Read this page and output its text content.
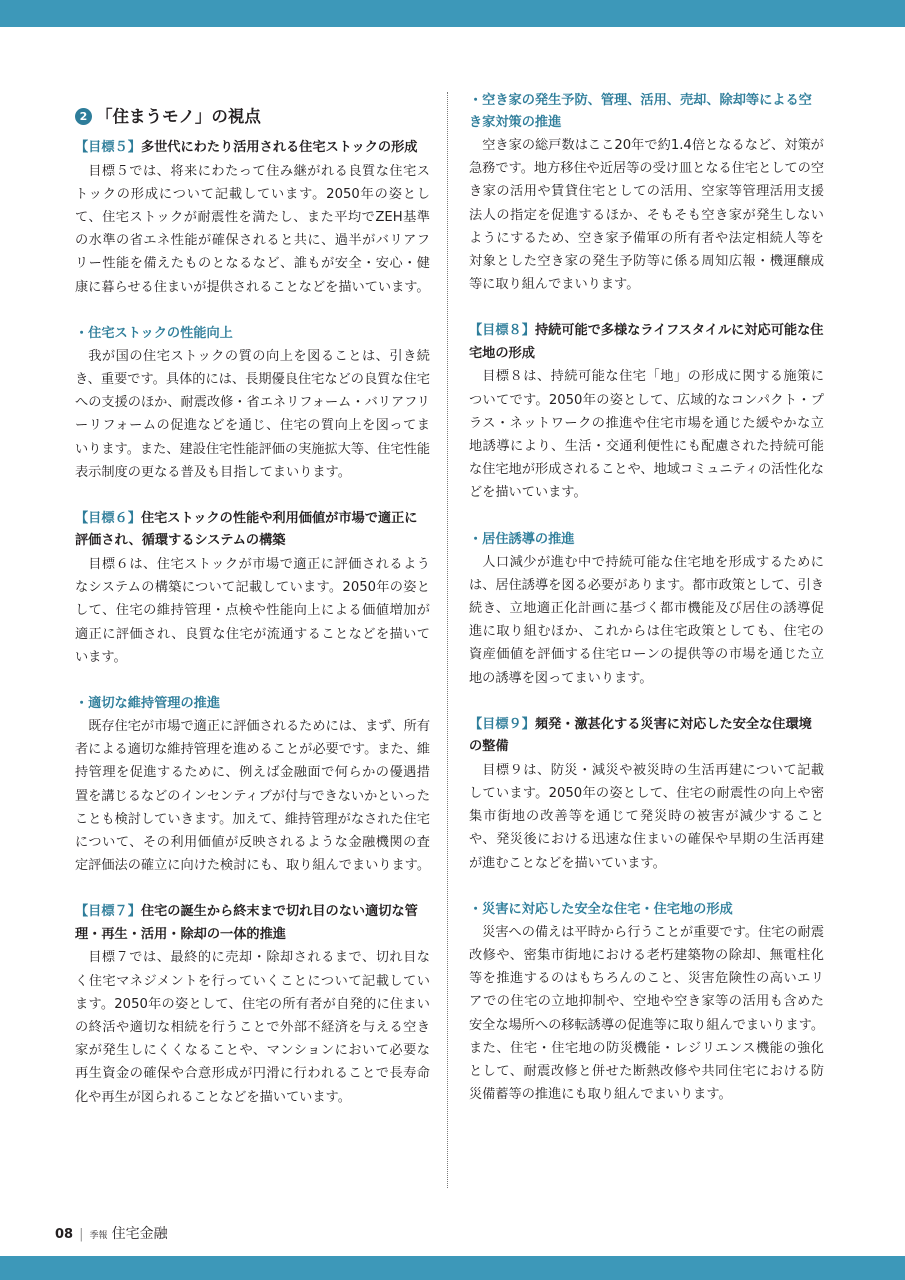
2 「住まうモノ」の視点
【目標５】多世代にわたり活用される住宅ストックの形成

目標５では、将来にわたって住み継がれる良質な住宅ストックの形成について記載しています。2050年の姿として、住宅ストックが耐震性を満たし、また平均でZEH基準の水準の省エネ性能が確保されると共に、過半がバリアフリー性能を備えたものとなるなど、誰もが安全・安心・健康に暮らせる住まいが提供されることなどを描いています。

・住宅ストックの性能向上

我が国の住宅ストックの質の向上を図ることは、引き続き、重要です。具体的には、長期優良住宅などの良質な住宅への支援のほか、耐震改修・省エネリフォーム・バリアフリーリフォームの促進などを通じ、住宅の質向上を図ってまいります。また、建設住宅性能評価の実施拡大等、住宅性能表示制度の更なる普及も目指してまいります。

【目標６】住宅ストックの性能や利用価値が市場で適正に評価され、循環するシステムの構築

目標６は、住宅ストックが市場で適正に評価されるようなシステムの構築について記載しています。2050年の姿として、住宅の維持管理・点検や性能向上による価値増加が適正に評価され、良質な住宅が流通することなどを描いています。

・適切な維持管理の推進

既存住宅が市場で適正に評価されるためには、まず、所有者による適切な維持管理を進めることが必要です。また、維持管理を促進するために、例えば金融面で何らかの優遇措置を講じるなどのインセンティブが付与できないかといったことも検討していきます。加えて、維持管理がなされた住宅について、その利用価値が反映されるような金融機関の査定評価法の確立に向けた検討にも、取り組んでまいります。

【目標７】住宅の誕生から終末まで切れ目のない適切な管理・再生・活用・除却の一体的推進

目標７では、最終的に売却・除却されるまで、切れ目なく住宅マネジメントを行っていくことについて記載しています。2050年の姿として、住宅の所有者が自発的に住まいの終活や適切な相続を行うことで外部不経済を与える空き家が発生しにくくなることや、マンションにおいて必要な再生資金の確保や合意形成が円滑に行われることで長寿命化や再生が図られることなどを描いています。

・空き家の発生予防、管理、活用、売却、除却等による空き家対策の推進

空き家の総戸数はここ20年で約1.4倍となるなど、対策が急務です。地方移住や近居等の受け皿となる住宅としての空き家の活用や賃貸住宅としての活用、空家等管理活用支援法人の指定を促進するほか、そもそも空き家が発生しないようにするため、空き家予備軍の所有者や法定相続人等を対象とした空き家の発生予防等に係る周知広報・機運醸成等に取り組んでまいります。

【目標８】持続可能で多様なライフスタイルに対応可能な住宅地の形成

目標８は、持続可能な住宅「地」の形成に関する施策についてです。2050年の姿として、広域的なコンパクト・プラス・ネットワークの推進や住宅市場を通じた緩やかな立地誘導により、生活・交通利便性にも配慮された持続可能な住宅地が形成されることや、地域コミュニティの活性化などを描いています。

・居住誘導の推進

人口減少が進む中で持続可能な住宅地を形成するためには、居住誘導を図る必要があります。都市政策として、引き続き、立地適正化計画に基づく都市機能及び居住の誘導促進に取り組むほか、これからは住宅政策としても、住宅の資産価値を評価する住宅ローンの提供等の市場を通じた立地の誘導を図ってまいります。

【目標９】頻発・激甚化する災害に対応した安全な住環境の整備

目標９は、防災・減災や被災時の生活再建について記載しています。2050年の姿として、住宅の耐震性の向上や密集市街地の改善等を通じて発災時の被害が減少することや、発災後における迅速な住まいの確保や早期の生活再建が進むことなどを描いています。

・災害に対応した安全な住宅・住宅地の形成

災害への備えは平時から行うことが重要です。住宅の耐震改修や、密集市街地における老朽建築物の除却、無電柱化等を推進するのはもちろんのこと、災害危険性の高いエリアでの住宅の立地抑制や、空地や空き家等の活用も含めた安全な場所への移転誘導の促進等に取り組んでまいります。また、住宅・住宅地の防災機能・レジリエンス機能の強化として、耐震改修と併せた断熱改修や共同住宅における防災備蓄等の推進にも取り組んでまいります。

08 | 季報 住宅金融
